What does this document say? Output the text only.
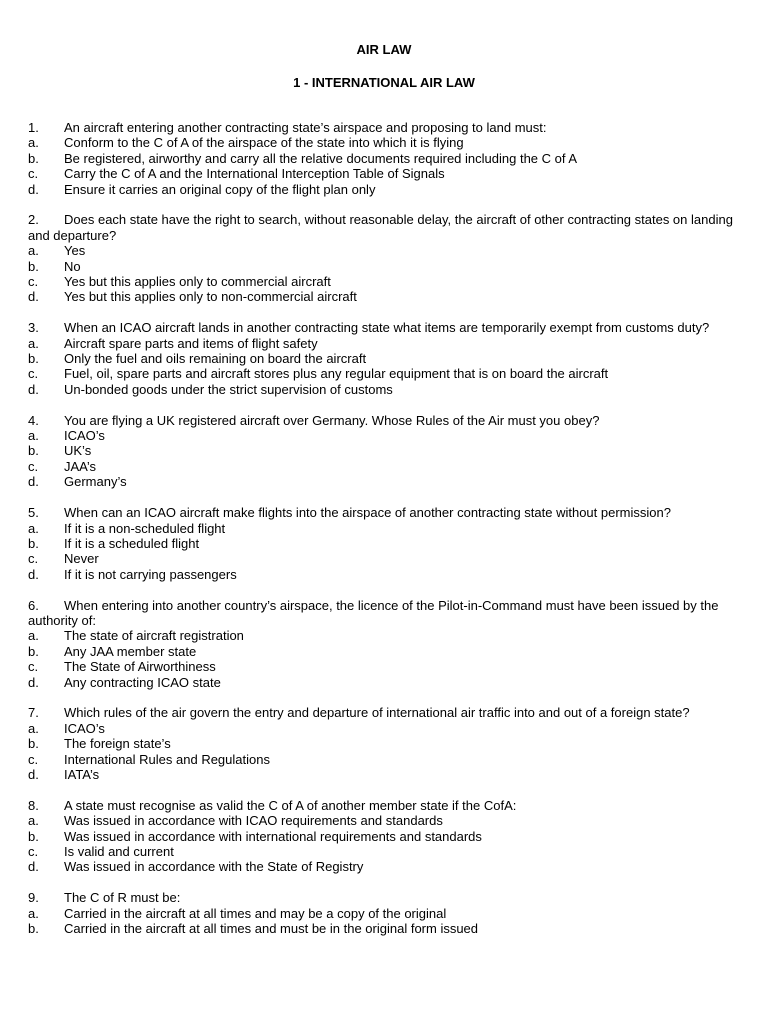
AIR LAW
1 - INTERNATIONAL AIR LAW

1. An aircraft entering another contracting state’s airspace and proposing to land must:

a.	Conform to the C of A of the airspace of the state into which it is flying
b.	Be registered, airworthy and carry all the relative documents required including the C of A
c.	Carry the C of A and the International Interception Table of Signals
d.	Ensure it carries an original copy of the flight plan only

2. Does each state have the right to search, without reasonable delay, the aircraft of other contracting states on landing and departure?

a.	Yes
b.	No
c.	Yes but this applies only to commercial aircraft
d.	Yes but this applies only to non-commercial aircraft

3. When an ICAO aircraft lands in another contracting state what items are temporarily exempt from customs duty?

a.	Aircraft spare parts and items of flight safety
b.	Only the fuel and oils remaining on board the aircraft
c.	Fuel, oil, spare parts and aircraft stores plus any regular equipment that is on board the aircraft
d.	Un-bonded goods under the strict supervision of customs

4. You are flying a UK registered aircraft over Germany. Whose Rules of the Air must you obey?

a.	ICAO’s
b.	UK’s
c.	JAA’s
d.	Germany’s

5. When can an ICAO aircraft make flights into the airspace of another contracting state without permission?

a.	If it is a non-scheduled flight
b.	If it is a scheduled flight
c.	Never
d.	If it is not carrying passengers

6. When entering into another country’s airspace, the licence of the Pilot-in-Command must have been issued by the authority of:

a.	The state of aircraft registration
b.	Any JAA member state
c.	The State of Airworthiness
d.	Any contracting ICAO state

7. Which rules of the air govern the entry and departure of international air traffic into and out of a foreign state?

a.	ICAO’s
b.	The foreign state’s
c.	International Rules and Regulations
d.	IATA’s

8. A state must recognise as valid the C of A of another member state if the CofA:

a.	Was issued in accordance with ICAO requirements and standards
b.	Was issued in accordance with international requirements and standards
c.	Is valid and current
d.	Was issued in accordance with the State of Registry

9. The C of R must be:

a.	Carried in the aircraft at all times and may be a copy of the original
b.	Carried in the aircraft at all times and must be in the original form issued
